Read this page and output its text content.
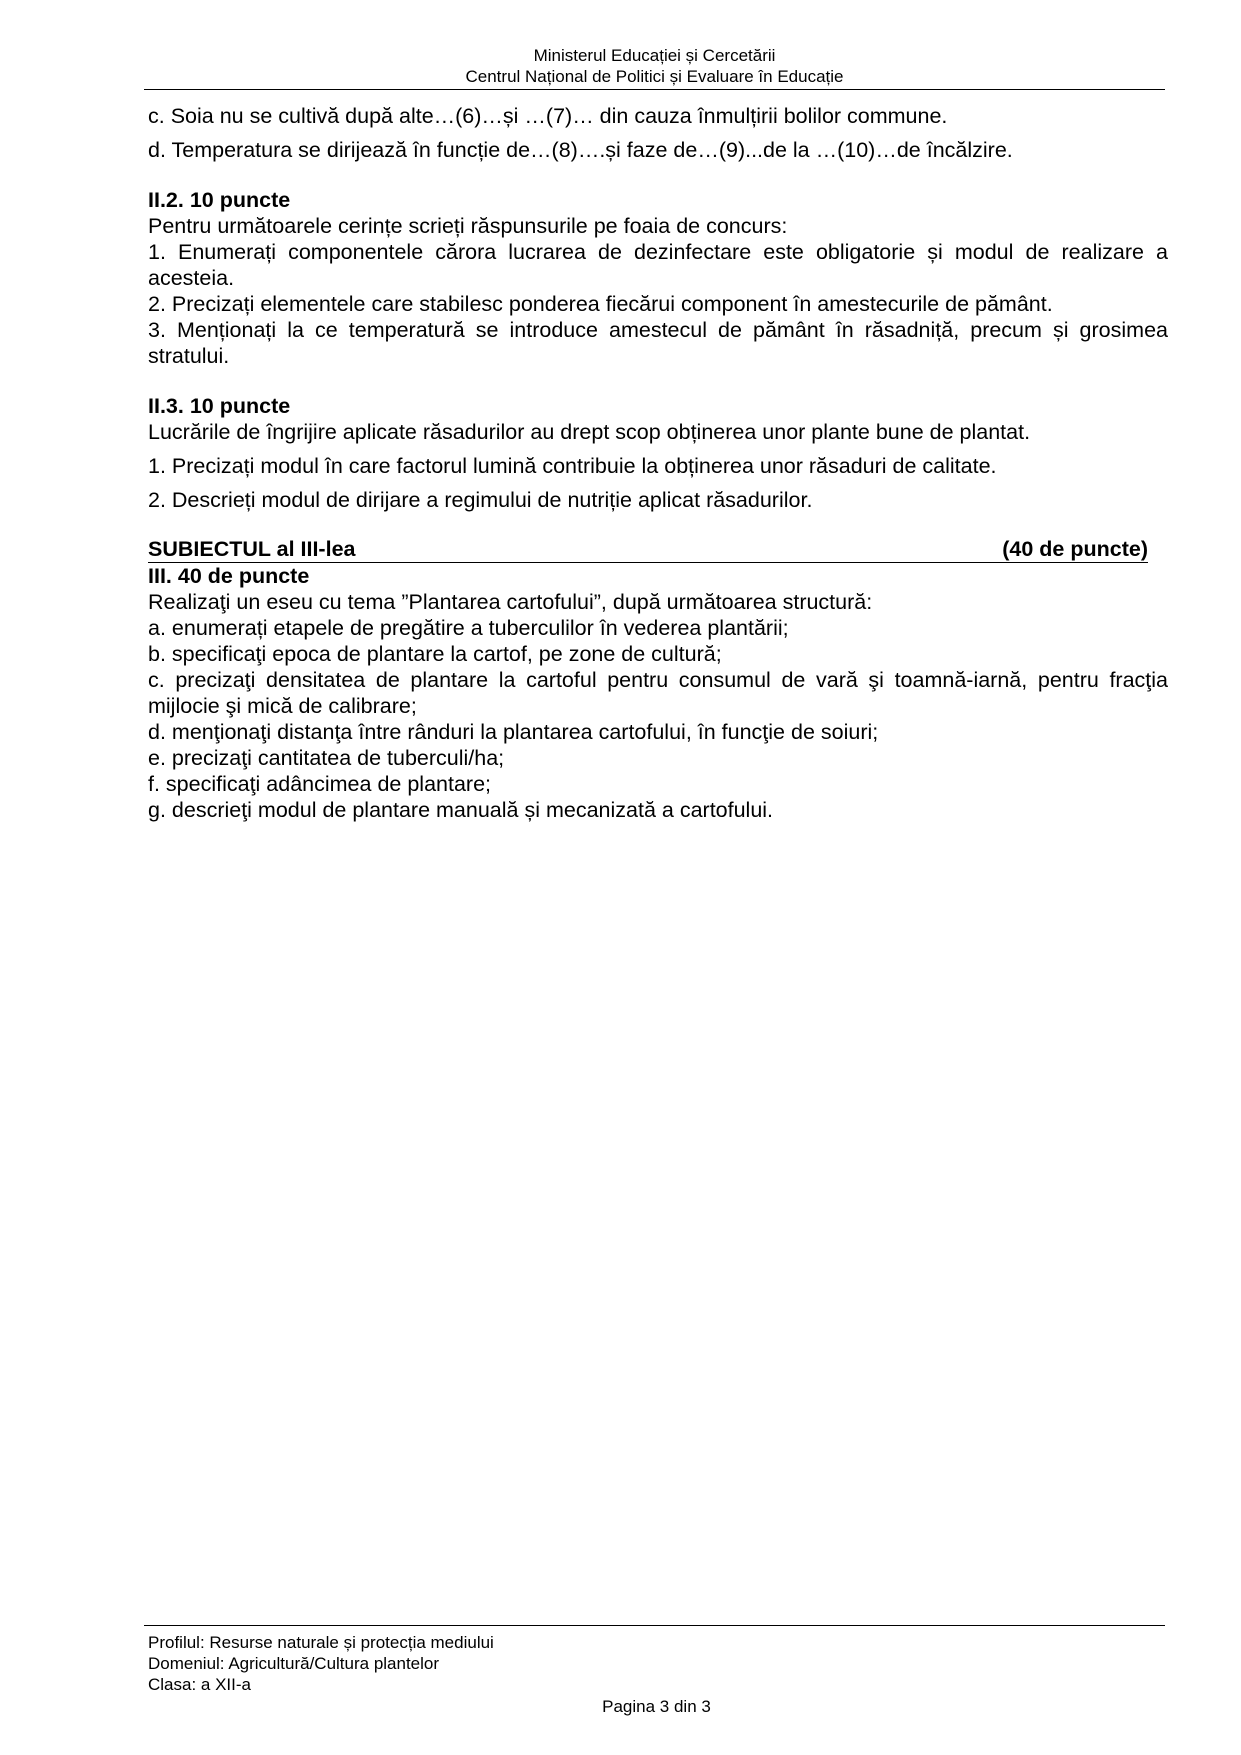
Ministerul Educației și Cercetării
Centrul Național de Politici și Evaluare în Educație

c. Soia nu se cultivă după alte…(6)…și …(7)… din cauza înmulțirii bolilor commune.

d. Temperatura se dirijează în funcție de…(8)….și faze de…(9)...de la …(10)…de încălzire.

II.2. 10 puncte

Pentru următoarele cerințe scrieți răspunsurile pe foaia de concurs:

1. Enumerați componentele cărora lucrarea de dezinfectare este obligatorie și modul de realizare a acesteia.

2. Precizați elementele care stabilesc ponderea fiecărui component în amestecurile de pământ.

3. Menționați la ce temperatură se introduce amestecul de pământ în răsadniță, precum și grosimea stratului.

II.3. 10 puncte

Lucrările de îngrijire aplicate răsadurilor au drept scop obținerea unor plante bune de plantat.

1. Precizați modul în care factorul lumină contribuie la obținerea unor răsaduri de calitate.

2. Descrieți modul de dirijare a regimului de nutriție aplicat răsadurilor.

SUBIECTUL al III-lea	(40 de puncte)

III. 40 de puncte

Realizaţi un eseu cu tema ”Plantarea cartofului”, după următoarea structură:

a. enumerați etapele de pregătire a tuberculilor în vederea plantării;

b. specificaţi epoca de plantare la cartof, pe zone de cultură;

c. precizaţi densitatea de plantare la cartoful pentru consumul de vară şi toamnă-iarnă, pentru fracţia mijlocie şi mică de calibrare;

d. menţionaţi distanţa între rânduri la plantarea cartofului, în funcţie de soiuri;

e. precizaţi cantitatea de tuberculi/ha;

f. specificaţi adâncimea de plantare;

g. descrieţi modul de plantare manuală și mecanizată a cartofului.

Profilul: Resurse naturale și protecția mediului
Domeniul: Agricultură/Cultura plantelor
Clasa: a XII-a
Pagina 3 din 3
